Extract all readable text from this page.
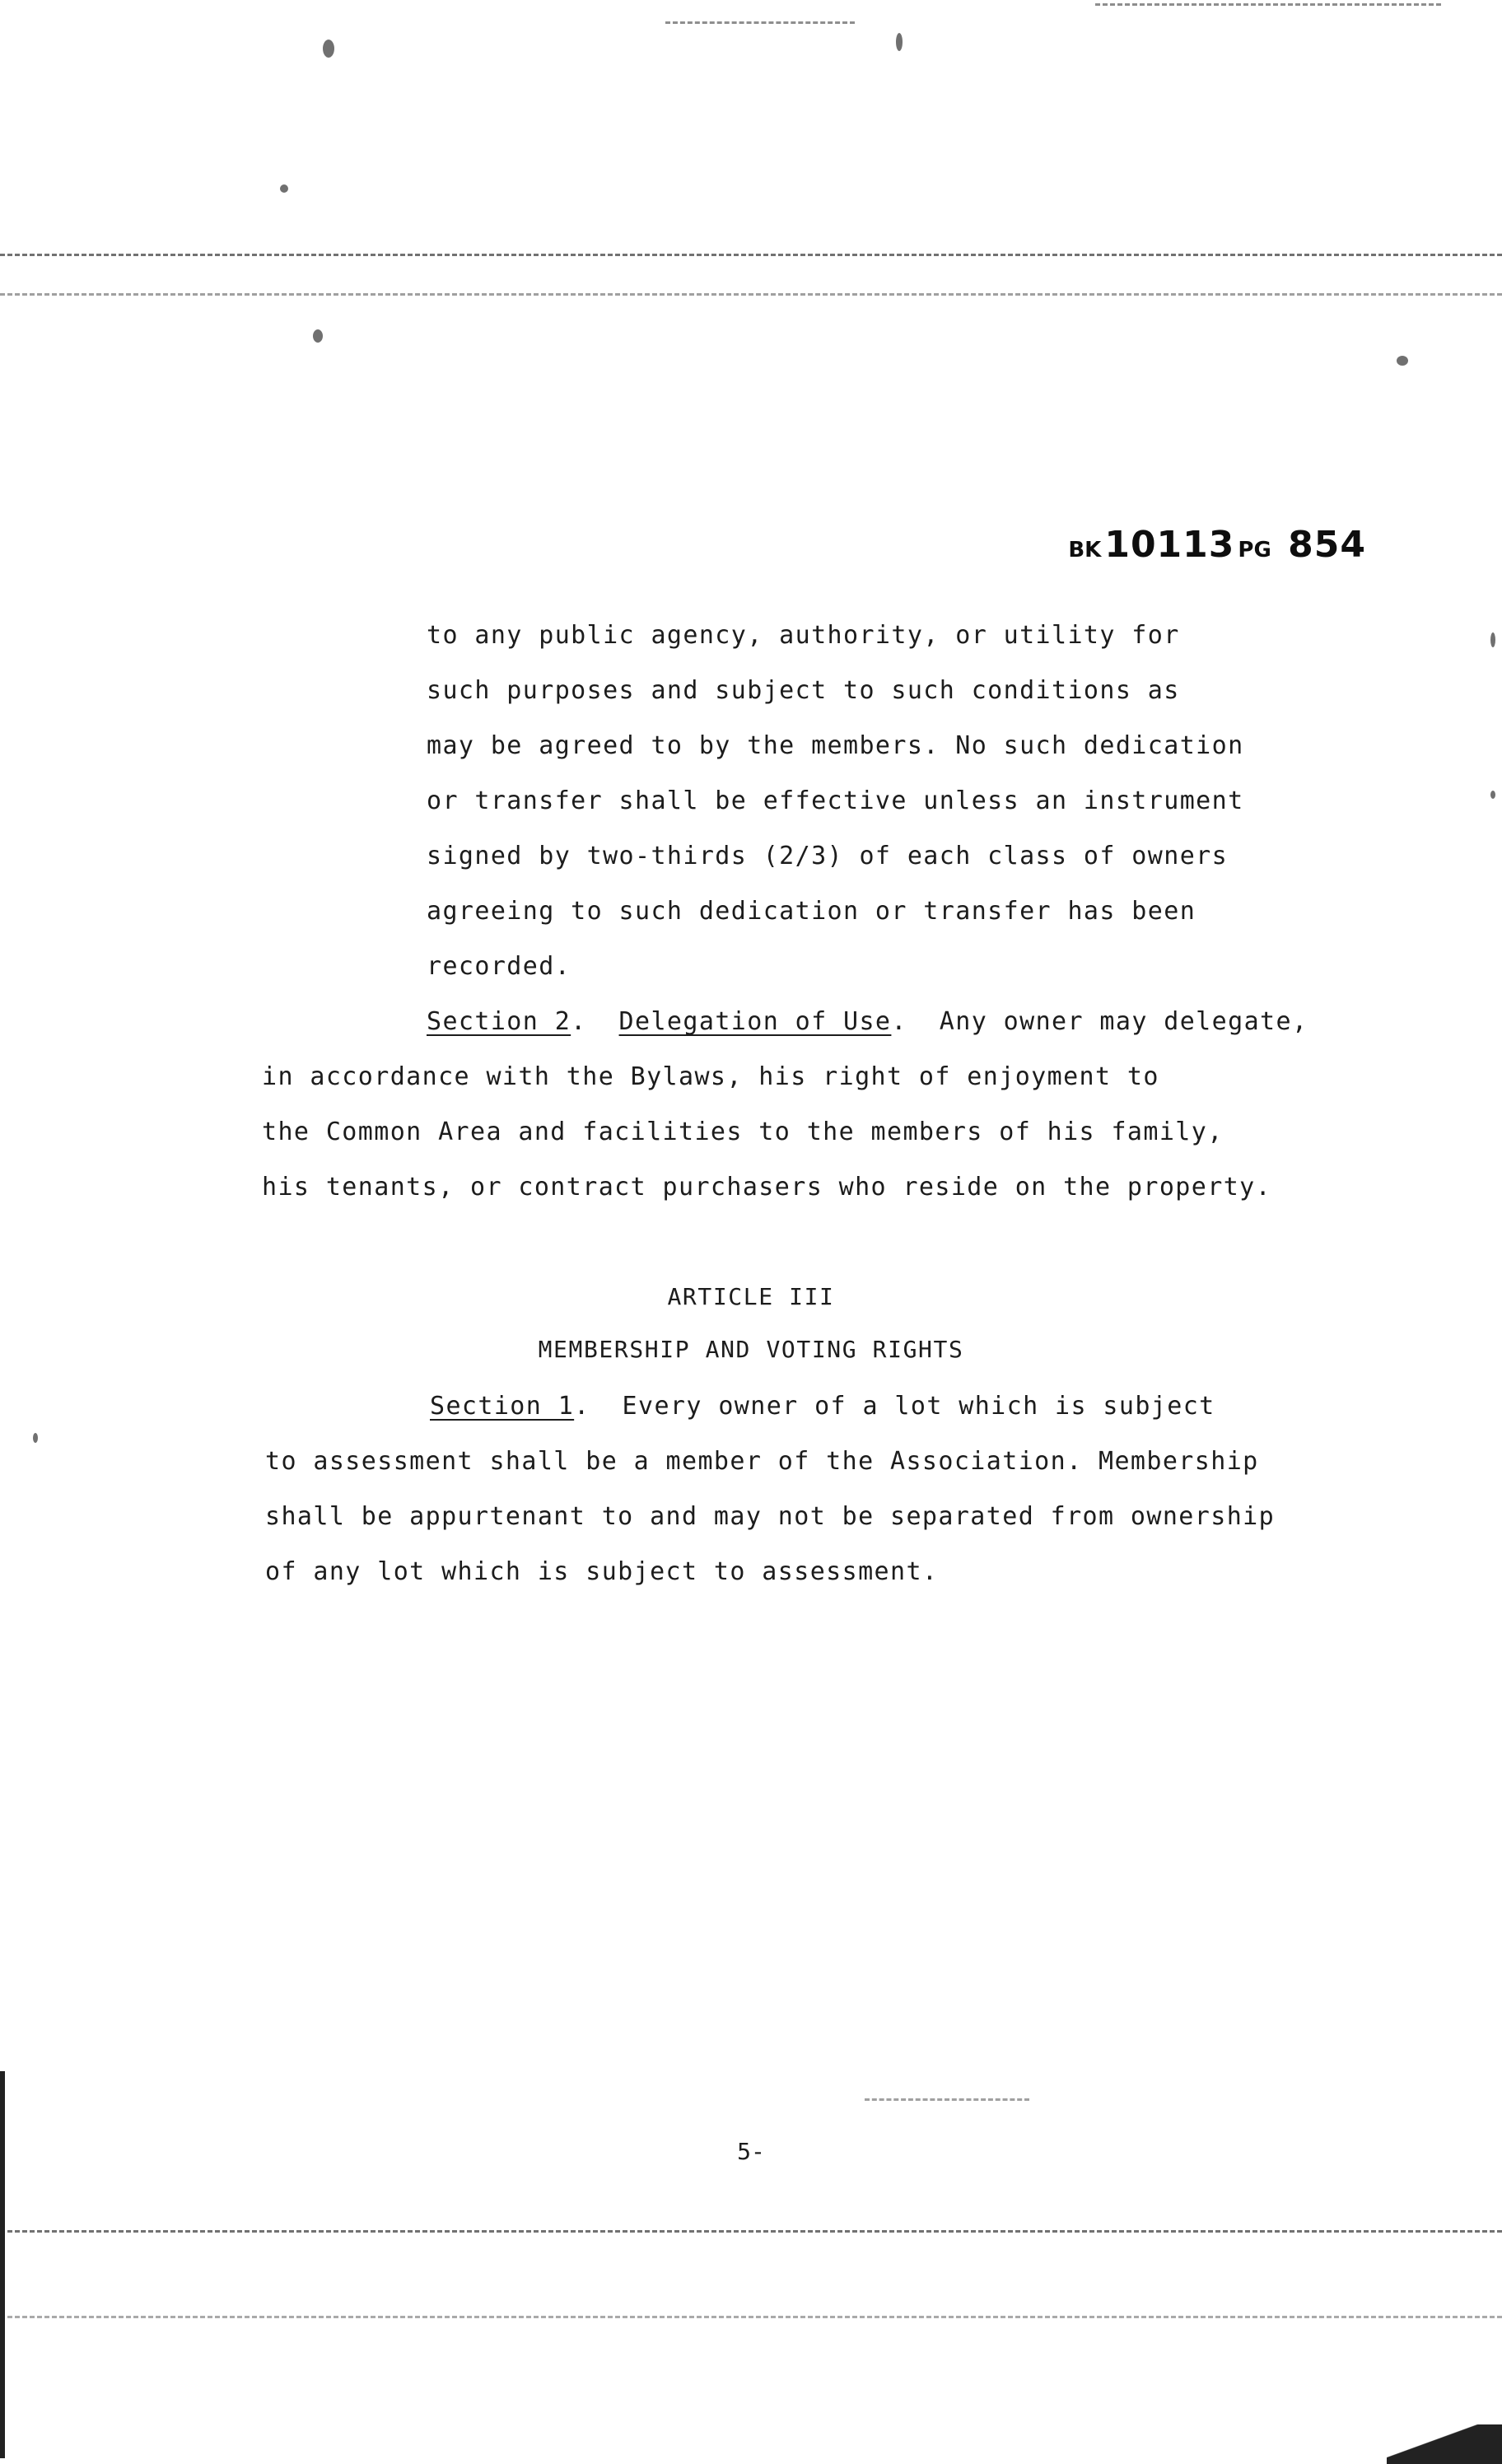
BK10113 PG 854
to any public agency, authority, or utility for
such purposes and subject to such conditions as
may be agreed to by the members. No such dedication
or transfer shall be effective unless an instrument
signed by two-thirds (2/3) of each class of owners
agreeing to such dedication or transfer has been
recorded.
Section 2.  Delegation of Use.  Any owner may delegate,
in accordance with the Bylaws, his right of enjoyment to
the Common Area and facilities to the members of his family,
his tenants, or contract purchasers who reside on the property.
ARTICLE III
MEMBERSHIP AND VOTING RIGHTS
Section 1.  Every owner of a lot which is subject
to assessment shall be a member of the Association. Membership
shall be appurtenant to and may not be separated from ownership
of any lot which is subject to assessment.
5-
